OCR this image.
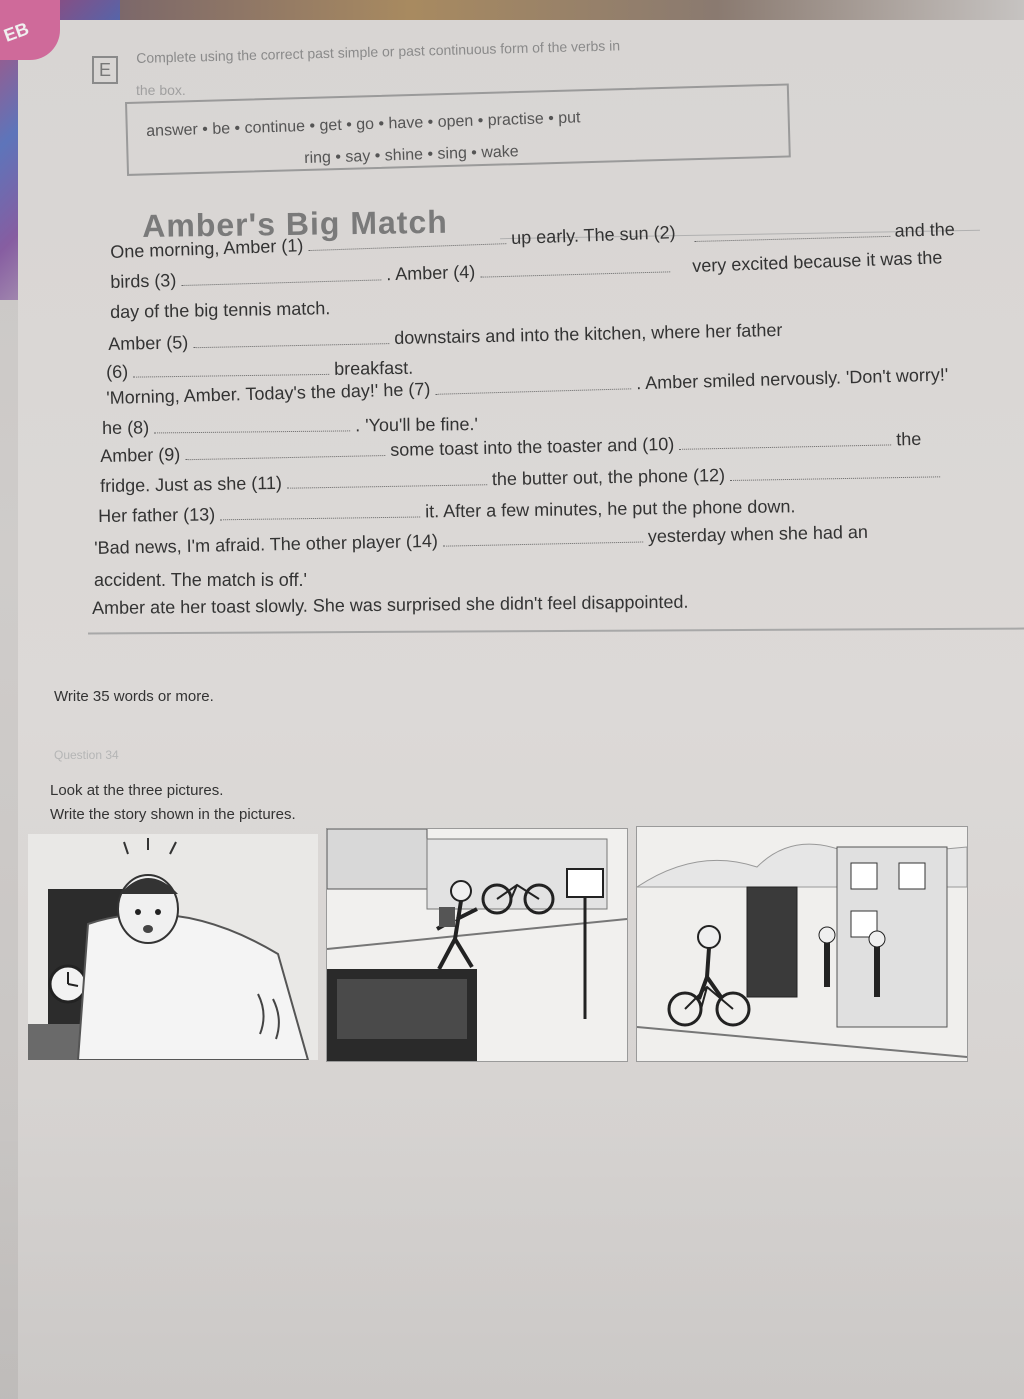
E
Complete using the correct past simple or past continuous form of the verbs in
the box.
answer • be • continue • get • go • have • open • practise • put
ring • say • shine • sing • wake
Amber's Big Match
One morning, Amber (1)  up early. The sun (2)	and the
birds (3)	. Amber (4)	very excited because it was the
day of the big tennis match.
Amber (5)	downstairs and into the kitchen, where her father
(6)	breakfast.
'Morning, Amber. Today's the day!' he (7)  . Amber smiled nervously. 'Don't worry!'
he (8)	. 'You'll be fine.'
Amber (9)	some toast into the toaster and (10)	the
fridge. Just as she (11)	the butter out, the phone (12)
Her father (13)	it. After a few minutes, he put the phone down.
'Bad news, I'm afraid. The other player (14)	yesterday when she had an
accident. The match is off.'
Amber ate her toast slowly. She was surprised she didn't feel disappointed.
Write 35 words or more.
Question 34
Look at the three pictures.
Write the story shown in the pictures.
EB
